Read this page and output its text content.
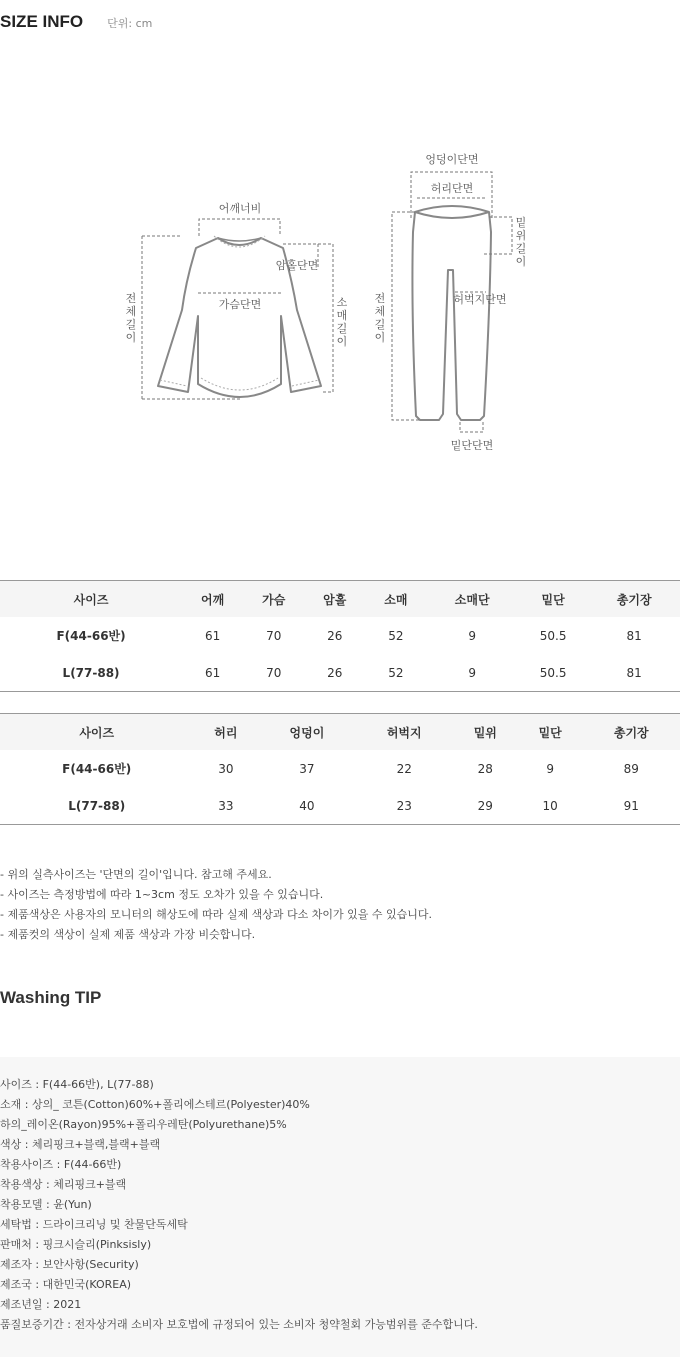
SIZE INFO 단위: cm
어깨너비
암홀단면
가슴단면
전
체
길
이
소
매
길
이
엉덩이단면
허리단면
밑
위
길
이
허벅지단면
전
체
길
이
밑단단면
사이즈	어깨	가슴	암홀	소매	소매단	밑단	총기장
F(44-66반)	61	70	26	52	9	50.5	81
L(77-88)	61	70	26	52	9	50.5	81
사이즈	허리	엉덩이	허벅지	밑위	밑단	총기장	
F(44-66반)	30	37	22	28	9	89	
L(77-88)	33	40	23	29	10	91	
- 위의 실측사이즈는 '단면의 길이'입니다. 참고해 주세요.
- 사이즈는 측정방법에 따라 1~3cm 정도 오차가 있을 수 있습니다.
- 제품색상은 사용자의 모니터의 해상도에 따라 실제 색상과 다소 차이가 있을 수 있습니다.
- 제품컷의 색상이 실제 제품 색상과 가장 비슷합니다.
Washing TIP
사이즈 : F(44-66반), L(77-88)
소재 : 상의_ 코튼(Cotton)60%+폴리에스테르(Polyester)40%
하의_레이온(Rayon)95%+폴리우레탄(Polyurethane)5%
색상 : 체리핑크+블랙,블랙+블랙
착용사이즈 : F(44-66반)
착용색상 : 체리핑크+블랙
착용모델 : 윤(Yun)
세탁법 : 드라이크리닝 및 찬물단독세탁
판매처 : 핑크시슬리(Pinksisly)
제조자 : 보안사항(Security)
제조국 : 대한민국(KOREA)
제조년일 : 2021
품질보증기간 : 전자상거래 소비자 보호법에 규정되어 있는 소비자 청약철회 가능범위를 준수합니다.
